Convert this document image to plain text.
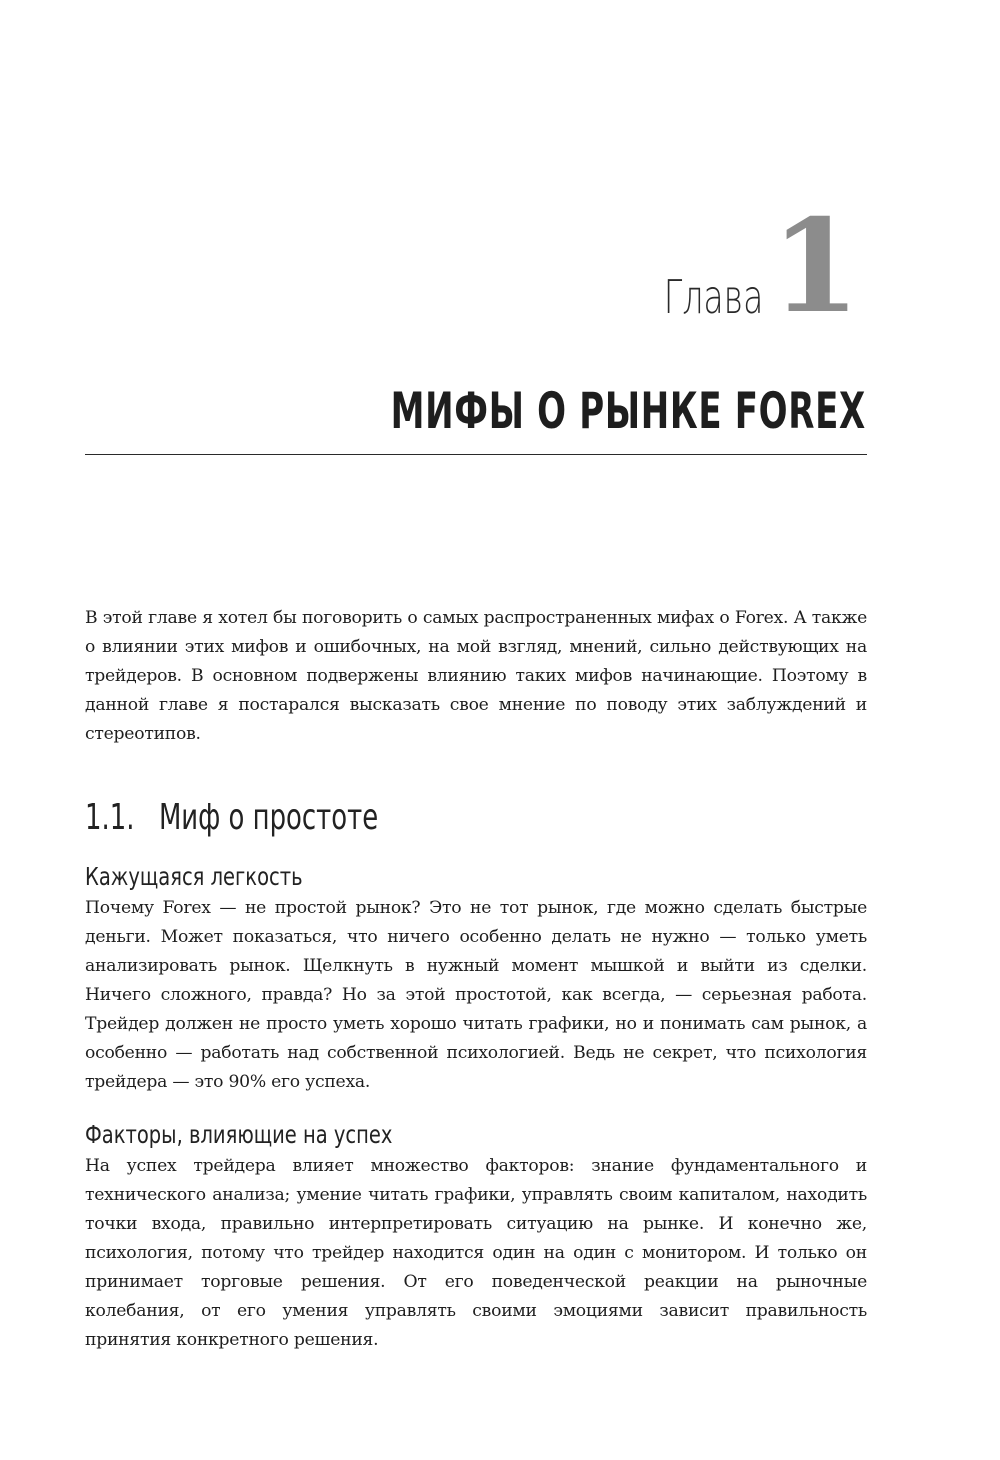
Глава 1
МИФЫ О РЫНКЕ FOREX

В этой главе я хотел бы поговорить о самых распространенных мифах о Forex. А также о влиянии этих мифов и ошибочных, на мой взгляд, мнений, сильно действующих на трейдеров. В основном подвержены влиянию таких мифов начинающие. Поэтому в данной главе я постарался высказать свое мнение по поводу этих заблуждений и стереотипов.

1.1. Миф о простоте
Кажущаяся легкость

Почему Forex — не простой рынок? Это не тот рынок, где можно сделать быстрые деньги. Может показаться, что ничего особенно делать не нужно — только уметь анализировать рынок. Щелкнуть в нужный момент мышкой и выйти из сделки. Ничего сложного, правда? Но за этой простотой, как всегда, — серьезная работа. Трейдер должен не просто уметь хорошо читать графики, но и понимать сам рынок, а особенно — работать над собственной психологией. Ведь не секрет, что психология трейдера — это 90% его успеха.

Факторы, влияющие на успех

На успех трейдера влияет множество факторов: знание фундаментального и технического анализа; умение читать графики, управлять своим капиталом, находить точки входа, правильно интерпретировать ситуацию на рынке. И конечно же, психология, потому что трейдер находится один на один с монитором. И только он принимает торговые решения. От его поведенческой реакции на рыночные колебания, от его умения управлять своими эмоциями зависит правильность принятия конкретного решения.
